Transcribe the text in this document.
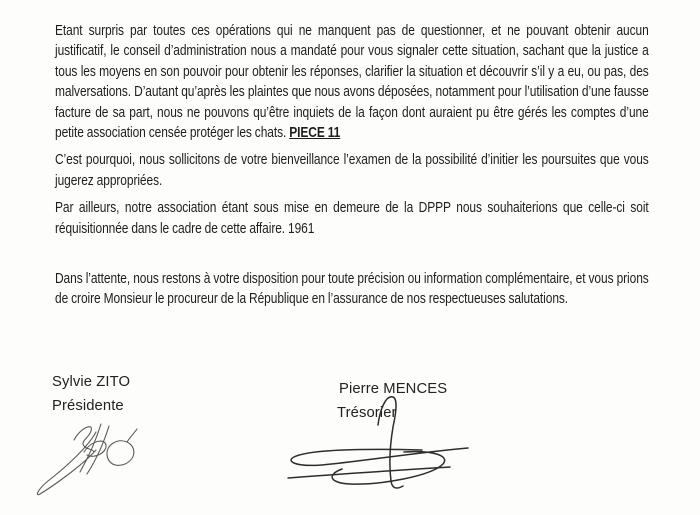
Etant surpris par toutes ces opérations qui ne manquent pas de questionner, et ne pouvant obtenir aucun justificatif, le conseil d’administration nous a mandaté pour vous signaler cette situation, sachant que la justice a tous les moyens en son pouvoir pour obtenir les réponses, clarifier la situation et découvrir s’il y a eu, ou pas, des malversations. D’autant qu’après les plaintes que nous avons déposées, notamment pour l’utilisation d’une fausse facture de sa part, nous ne pouvons qu’être inquiets de la façon dont auraient pu être gérés les comptes d’une petite association censée protéger les chats. PIECE 11

C’est pourquoi, nous sollicitons de votre bienveillance l’examen de la possibilité d’initier les poursuites que vous jugerez appropriées.

Par ailleurs, notre association étant sous mise en demeure de la DPPP nous souhaiterions que celle-ci soit réquisitionnée dans le cadre de cette affaire. 1961

Dans l’attente, nous restons à votre disposition pour toute précision ou information complémentaire, et vous prions de croire Monsieur le procureur de la République en l’assurance de nos respectueuses salutations.

Sylvie ZITO
Présidente
Pierre MENCES
Trésorier
